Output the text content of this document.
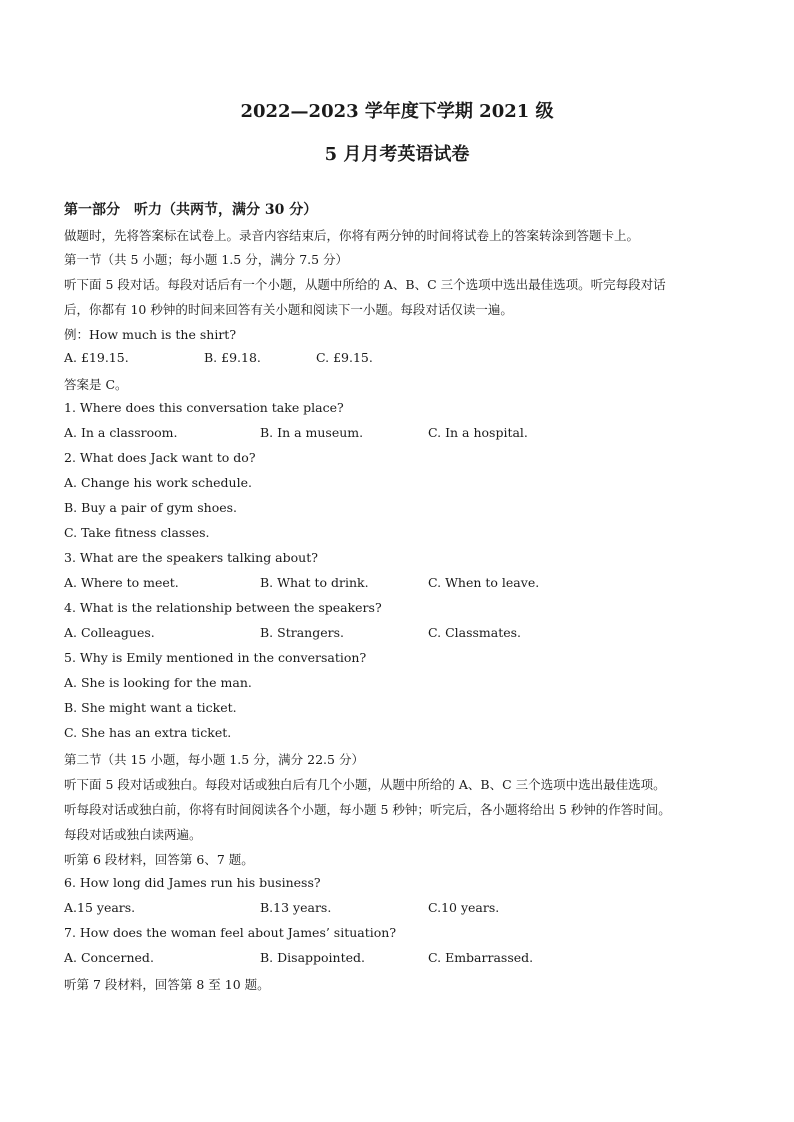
2022—2023 学年度下学期 2021 级
5 月月考英语试卷

第一部分　听力（共两节，满分 30 分）

做题时，先将答案标在试卷上。录音内容结束后，你将有两分钟的时间将试卷上的答案转涂到答题卡上。

第一节（共 5 小题；每小题 1.5 分，满分 7.5 分）

听下面 5 段对话。每段对话后有一个小题，从题中所给的 A、B、C 三个选项中选出最佳选项。听完每段对话

后，你都有 10 秒钟的时间来回答有关小题和阅读下一小题。每段对话仅读一遍。

例：How much is the shirt?

A. £19.15.	B. £9.18.	C. £9.15.

答案是 C。

1. Where does this conversation take place?

A. In a classroom.	B. In a museum.	C. In a hospital.

2. What does Jack want to do?

A. Change his work schedule.

B. Buy a pair of gym shoes.

C. Take fitness classes.

3. What are the speakers talking about?

A. Where to meet.	B. What to drink.	C. When to leave.

4. What is the relationship between the speakers?

A. Colleagues.	B. Strangers.	C. Classmates.

5. Why is Emily mentioned in the conversation?

A. She is looking for the man.

B. She might want a ticket.

C. She has an extra ticket.

第二节（共 15 小题，每小题 1.5 分，满分 22.5 分）

听下面 5 段对话或独白。每段对话或独白后有几个小题，从题中所给的 A、B、C 三个选项中选出最佳选项。

听每段对话或独白前，你将有时间阅读各个小题，每小题 5 秒钟；听完后，各小题将给出 5 秒钟的作答时间。

每段对话或独白读两遍。

听第 6 段材料，回答第 6、7 题。

6. How long did James run his business?

A.15 years.	B.13 years.	C.10 years.

7. How does the woman feel about James’ situation?

A. Concerned.	B. Disappointed.	C. Embarrassed.

听第 7 段材料，回答第 8 至 10 题。
